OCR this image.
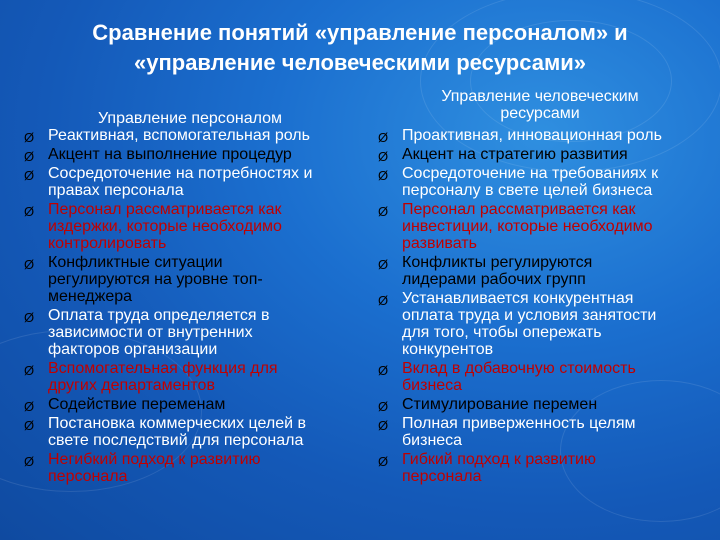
Сравнение понятий «управление персоналом» и
«управление человеческими ресурсами»
Управление персоналом
Управление человеческим
ресурсами
Ø Реактивная, вспомогательная роль
Ø Акцент на выполнение процедур
Ø Сосредоточение на потребностях и
правах персонала
Ø Персонал рассматривается как
издержки, которые необходимо
контролировать
Ø Конфликтные ситуации
регулируются на уровне топ-
менеджера
Ø Оплата труда определяется в
зависимости от внутренних
факторов организации
Ø Вспомогательная функция для
других департаментов
Ø Содействие переменам
Ø Постановка коммерческих целей в
свете последствий для персонала
Ø Негибкий подход к развитию
персонала
Ø Проактивная, инновационная роль
Ø Акцент на стратегию развития
Ø Сосредоточение на требованиях к
персоналу в свете целей бизнеса
Ø Персонал рассматривается как
инвестиции, которые необходимо
развивать
Ø Конфликты регулируются
лидерами рабочих групп
Ø Устанавливается конкурентная
оплата труда и условия занятости
для того, чтобы опережать
конкурентов
Ø Вклад в добавочную стоимость
бизнеса
Ø Стимулирование перемен
Ø Полная приверженность целям
бизнеса
Ø Гибкий подход к развитию
персонала
